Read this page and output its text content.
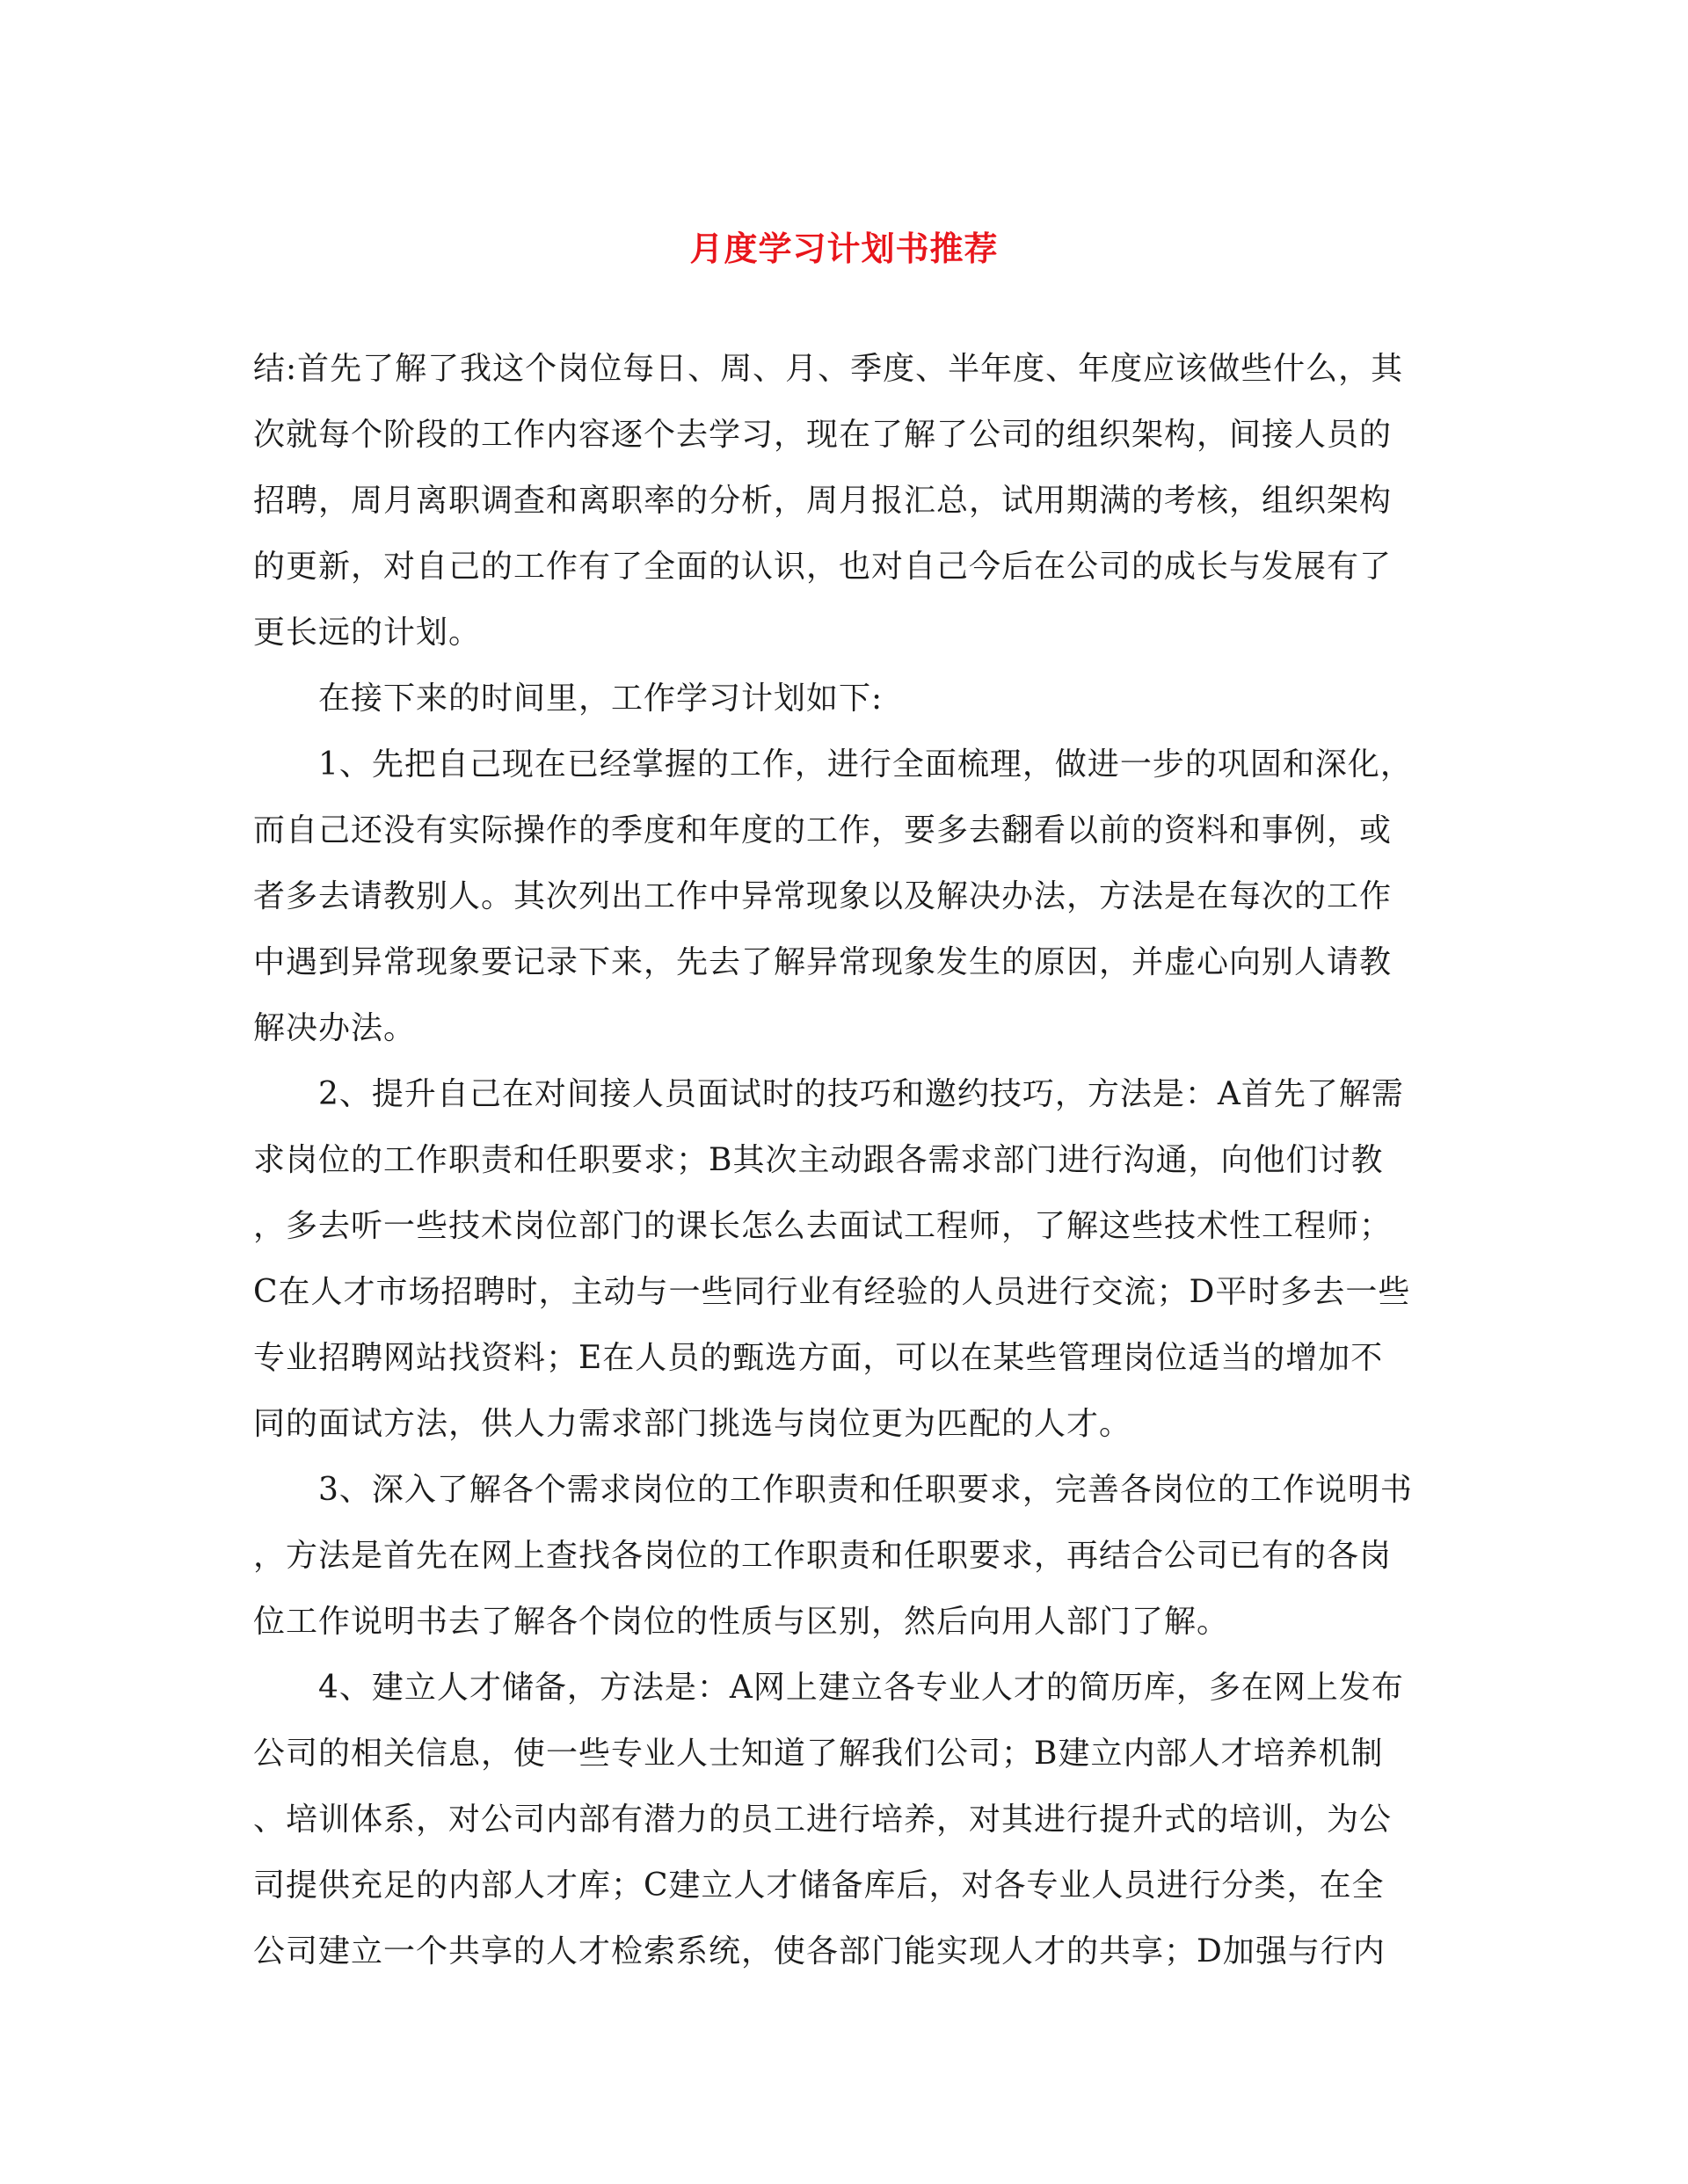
月度学习计划书推荐
结:首先了解了我这个岗位每日、周、月、季度、半年度、年度应该做些什么，其
次就每个阶段的工作内容逐个去学习，现在了解了公司的组织架构，间接人员的
招聘，周月离职调查和离职率的分析，周月报汇总，试用期满的考核，组织架构
的更新，对自己的工作有了全面的认识，也对自己今后在公司的成长与发展有了
更长远的计划。
　　在接下来的时间里，工作学习计划如下:
　　1、先把自己现在已经掌握的工作，进行全面梳理，做进一步的巩固和深化，
而自己还没有实际操作的季度和年度的工作，要多去翻看以前的资料和事例，或
者多去请教别人。其次列出工作中异常现象以及解决办法，方法是在每次的工作
中遇到异常现象要记录下来，先去了解异常现象发生的原因，并虚心向别人请教
解决办法。
　　2、提升自己在对间接人员面试时的技巧和邀约技巧，方法是：A首先了解需
求岗位的工作职责和任职要求；B其次主动跟各需求部门进行沟通，向他们讨教
，多去听一些技术岗位部门的课长怎么去面试工程师，了解这些技术性工程师；
C在人才市场招聘时，主动与一些同行业有经验的人员进行交流；D平时多去一些
专业招聘网站找资料；E在人员的甄选方面，可以在某些管理岗位适当的增加不
同的面试方法，供人力需求部门挑选与岗位更为匹配的人才。
　　3、深入了解各个需求岗位的工作职责和任职要求，完善各岗位的工作说明书
，方法是首先在网上查找各岗位的工作职责和任职要求，再结合公司已有的各岗
位工作说明书去了解各个岗位的性质与区别，然后向用人部门了解。
　　4、建立人才储备，方法是：A网上建立各专业人才的简历库，多在网上发布
公司的相关信息，使一些专业人士知道了解我们公司；B建立内部人才培养机制
、培训体系，对公司内部有潜力的员工进行培养，对其进行提升式的培训，为公
司提供充足的内部人才库；C建立人才储备库后，对各专业人员进行分类，在全
公司建立一个共享的人才检索系统，使各部门能实现人才的共享；D加强与行内
